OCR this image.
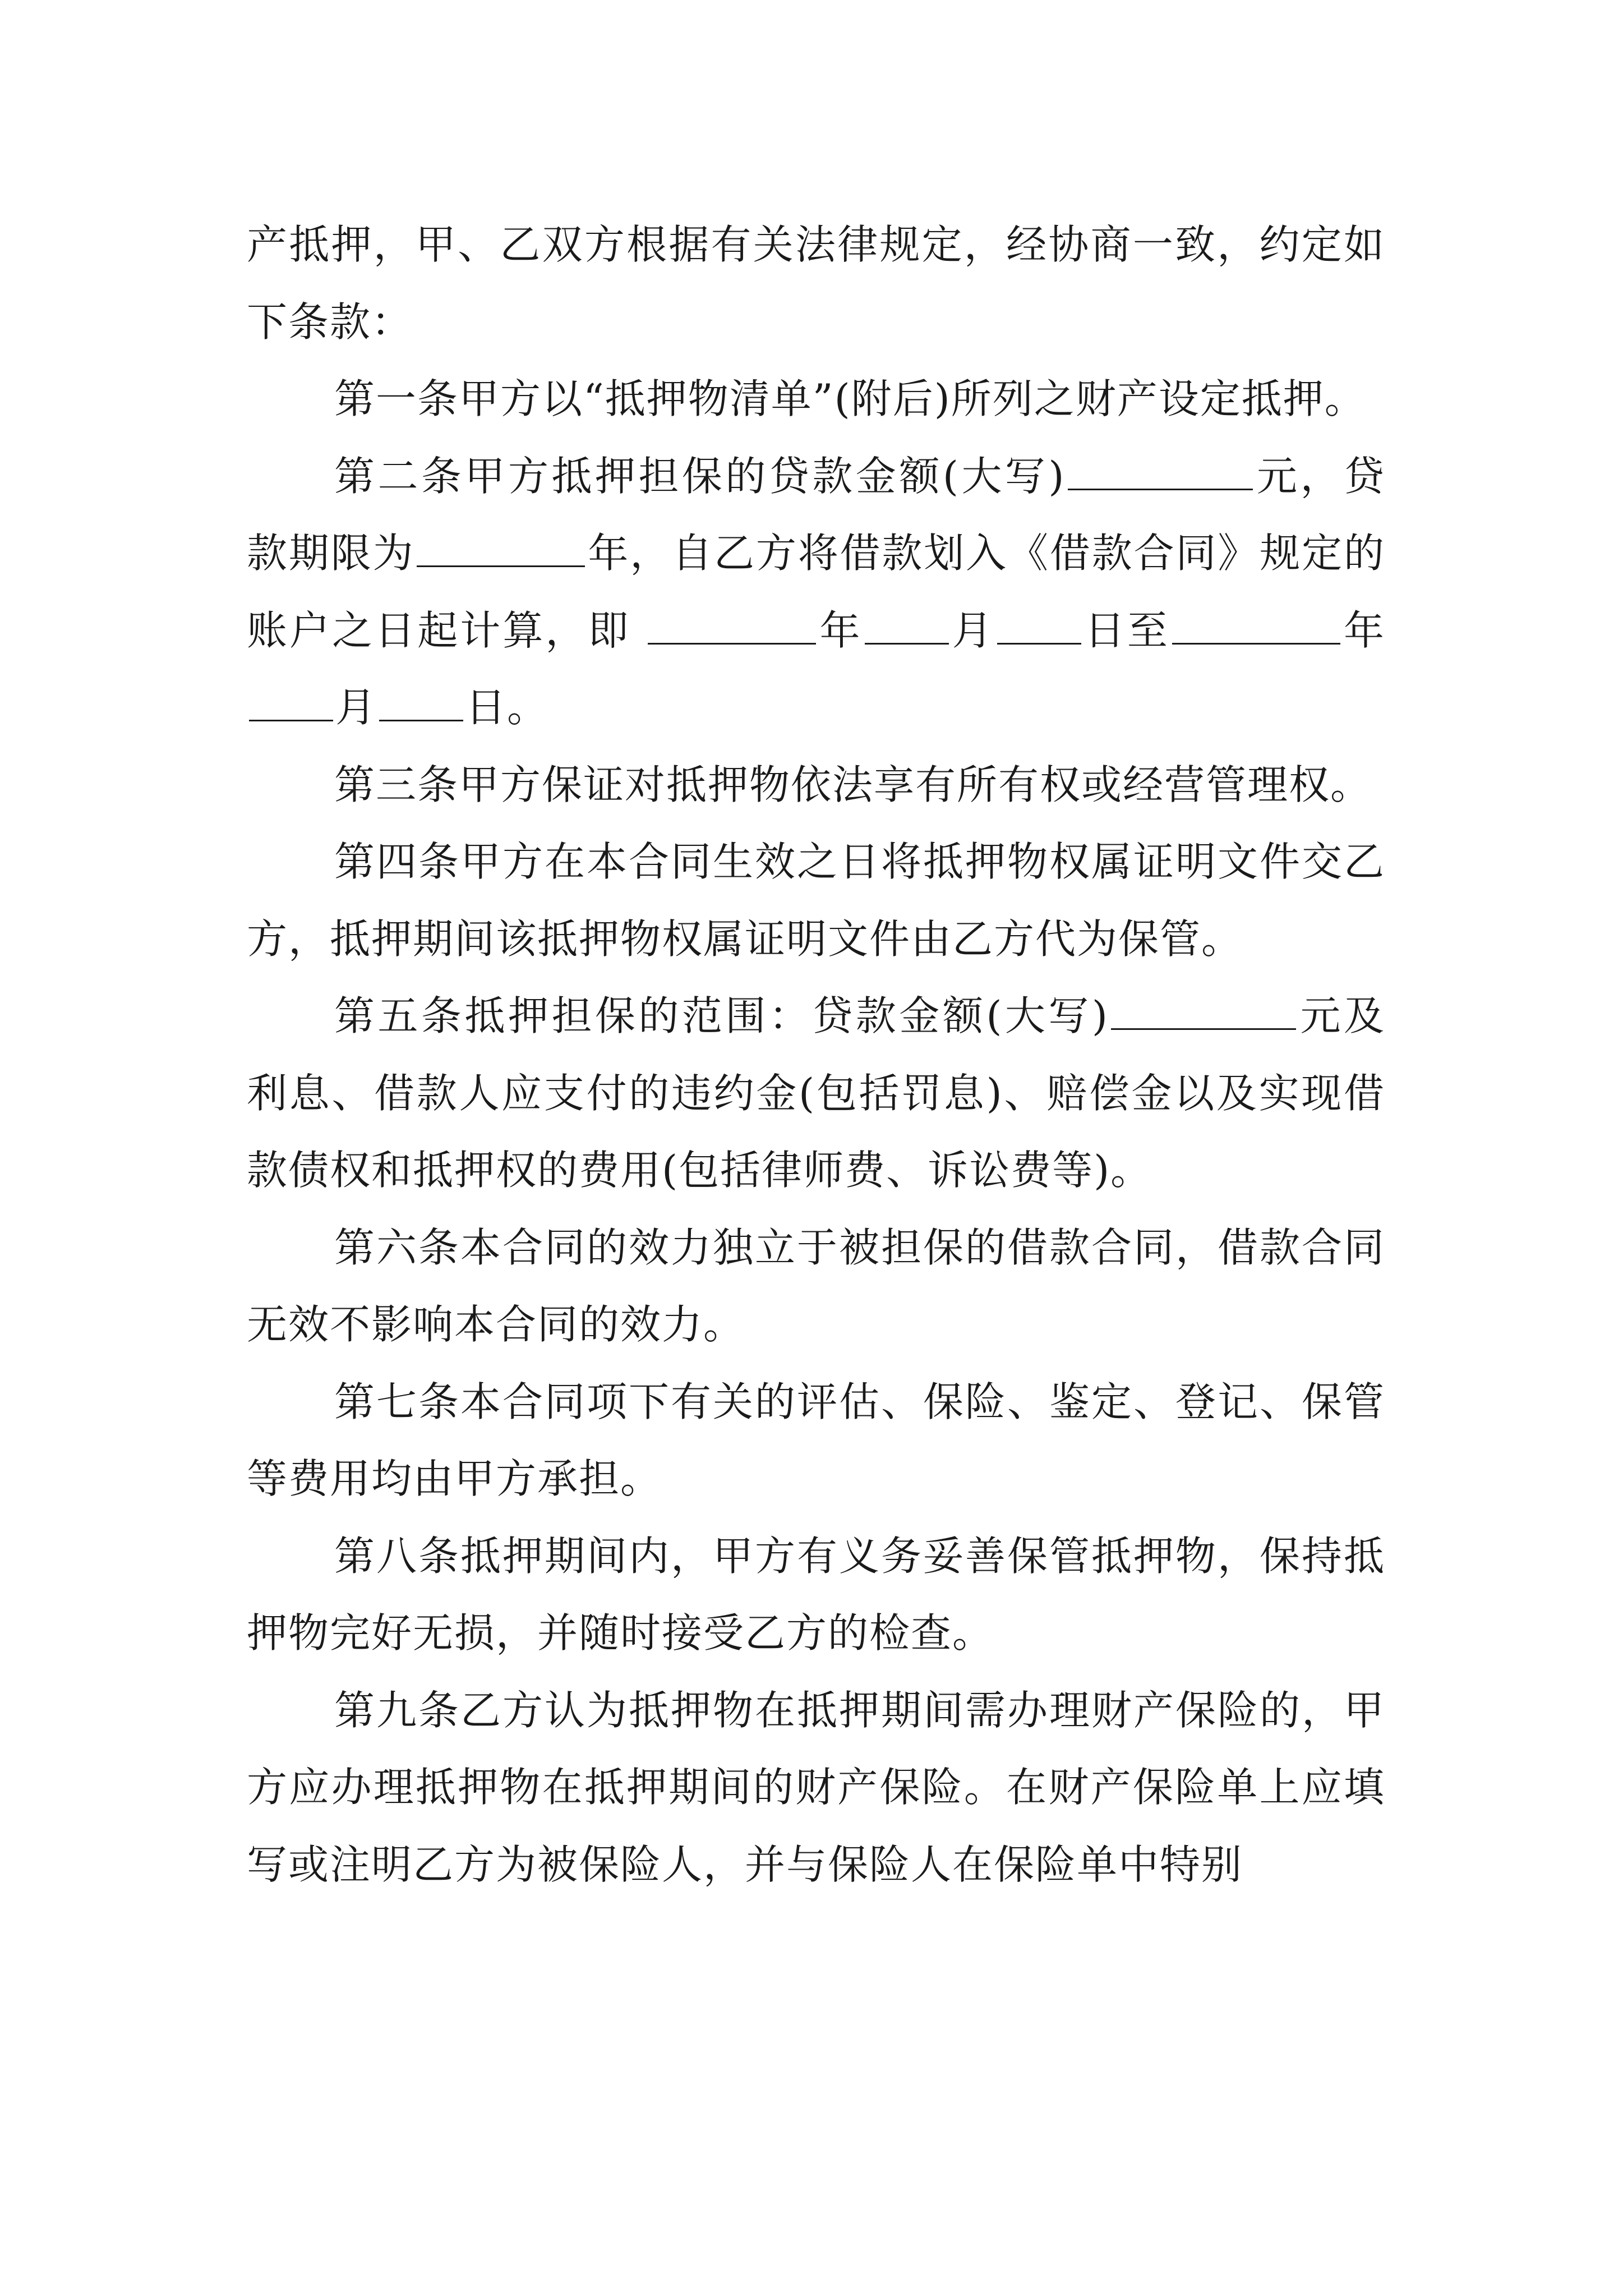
产抵押，甲、乙双方根据有关法律规定，经协商一致，约定如下条款：

第一条甲方以“抵押物清单”(附后)所列之财产设定抵押。

第二条甲方抵押担保的贷款金额(大写)	元，贷款期限为	年，自乙方将借款划入《借款合同》规定的账户之日起计算，即	年 月 日至	年月 日。

第三条甲方保证对抵押物依法享有所有权或经营管理权。

第四条甲方在本合同生效之日将抵押物权属证明文件交乙方，抵押期间该抵押物权属证明文件由乙方代为保管。

第五条抵押担保的范围：贷款金额(大写)	元及利息、借款人应支付的违约金(包括罚息)、赔偿金以及实现借款债权和抵押权的费用(包括律师费、诉讼费等)。

第六条本合同的效力独立于被担保的借款合同，借款合同无效不影响本合同的效力。

第七条本合同项下有关的评估、保险、鉴定、登记、保管等费用均由甲方承担。

第八条抵押期间内，甲方有义务妥善保管抵押物，保持抵押物完好无损，并随时接受乙方的检查。

第九条乙方认为抵押物在抵押期间需办理财产保险的，甲方应办理抵押物在抵押期间的财产保险。在财产保险单上应填写或注明乙方为被保险人，并与保险人在保险单中特别
